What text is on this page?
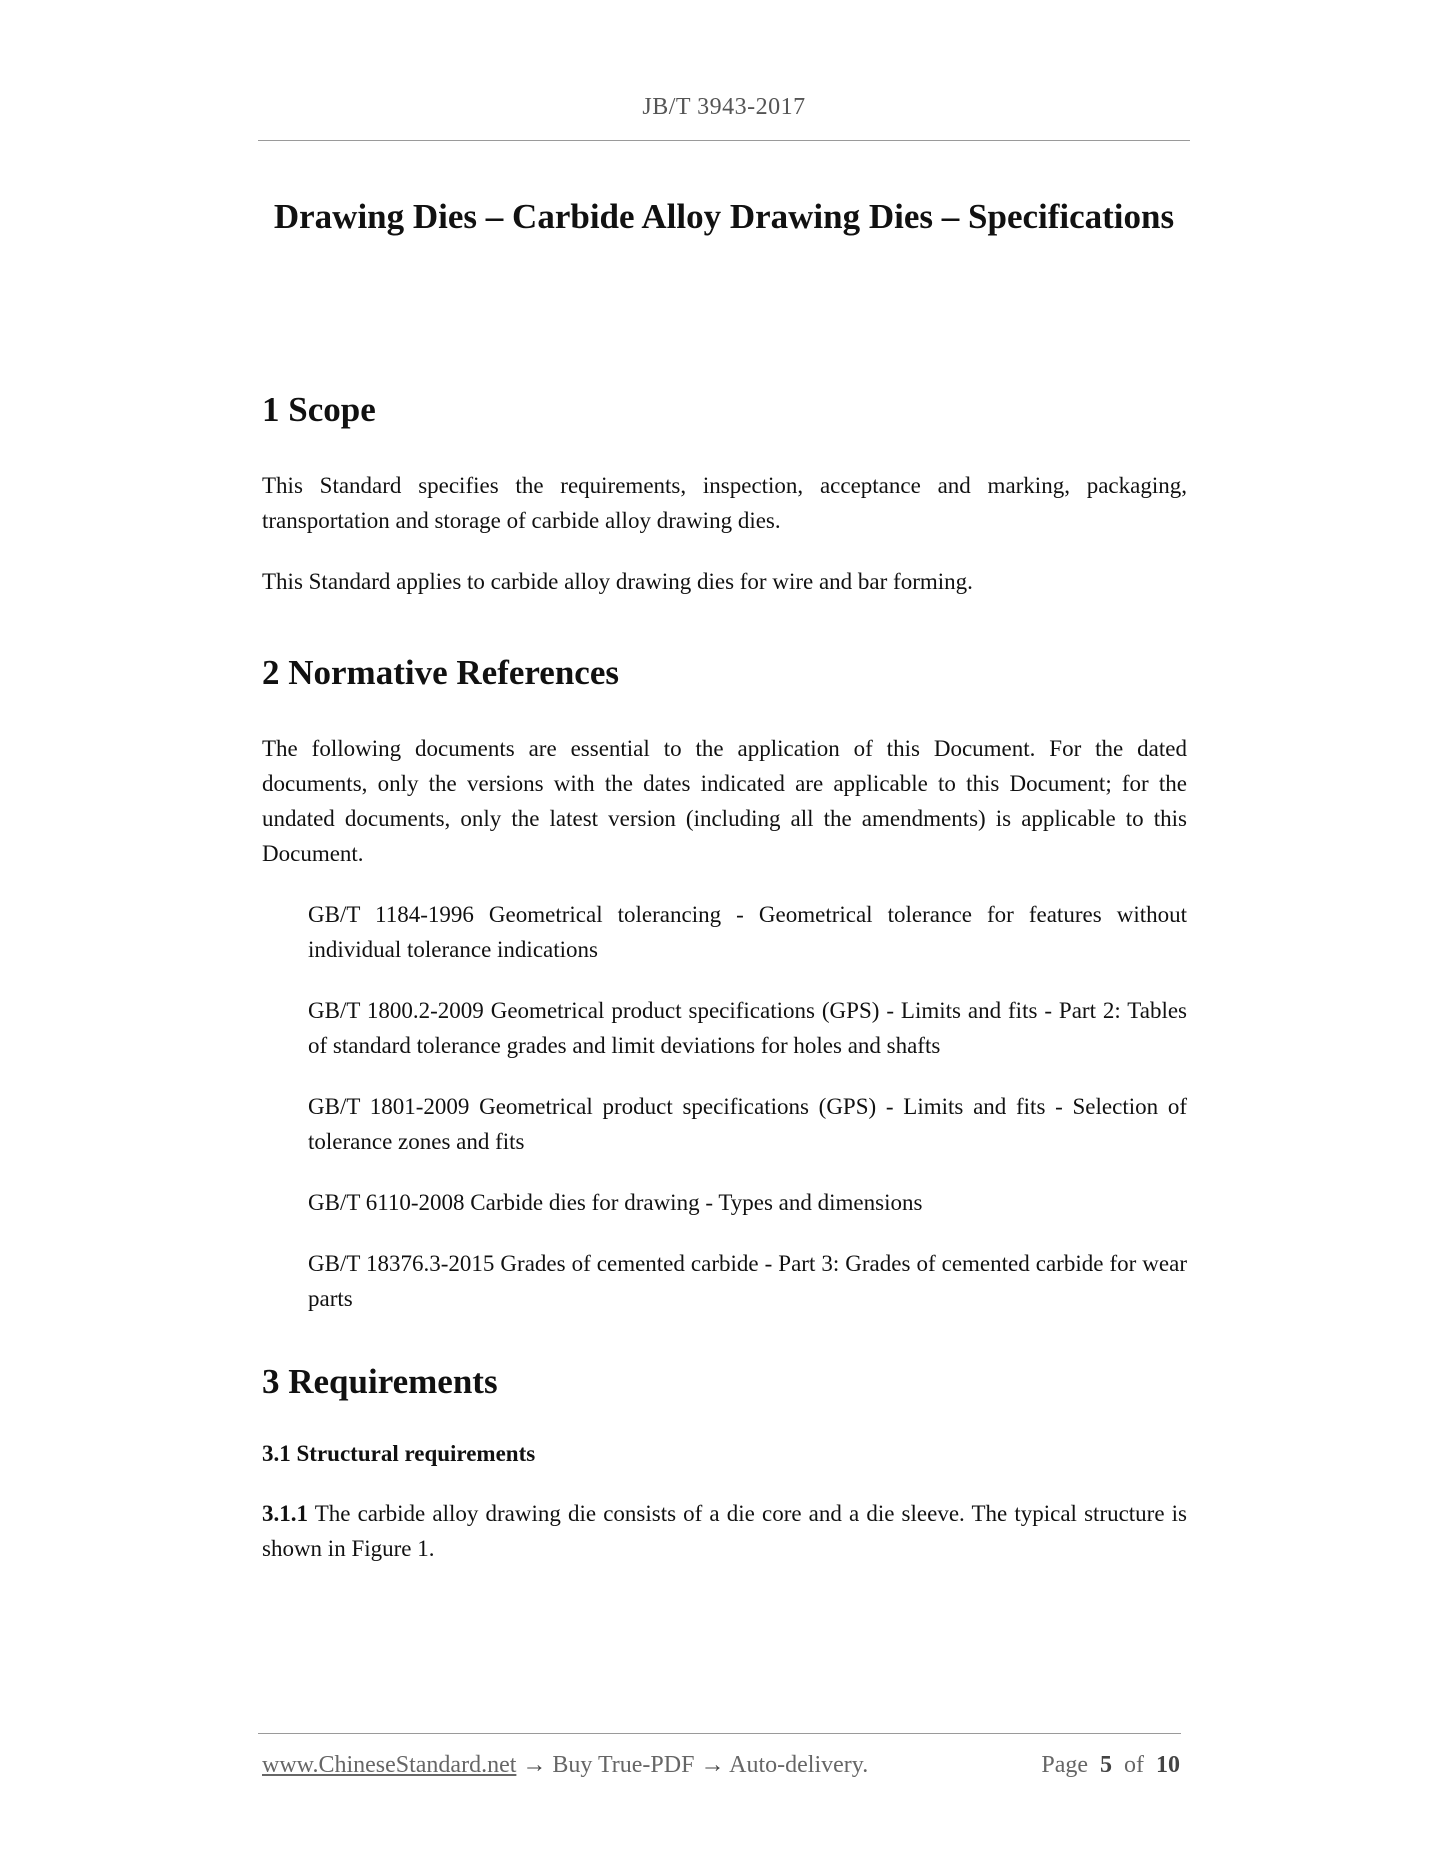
JB/T 3943-2017
Drawing Dies – Carbide Alloy Drawing Dies – Specifications
1 Scope

This Standard specifies the requirements, inspection, acceptance and marking, packaging, transportation and storage of carbide alloy drawing dies.

This Standard applies to carbide alloy drawing dies for wire and bar forming.

2 Normative References

The following documents are essential to the application of this Document. For the dated documents, only the versions with the dates indicated are applicable to this Document; for the undated documents, only the latest version (including all the amendments) is applicable to this Document.

GB/T 1184-1996 Geometrical tolerancing - Geometrical tolerance for features without individual tolerance indications
GB/T 1800.2-2009 Geometrical product specifications (GPS) - Limits and fits - Part 2: Tables of standard tolerance grades and limit deviations for holes and shafts
GB/T 1801-2009 Geometrical product specifications (GPS) - Limits and fits - Selection of tolerance zones and fits
GB/T 6110-2008 Carbide dies for drawing - Types and dimensions
GB/T 18376.3-2015 Grades of cemented carbide - Part 3: Grades of cemented carbide for wear parts
3 Requirements
3.1 Structural requirements

3.1.1 The carbide alloy drawing die consists of a die core and a die sleeve. The typical structure is shown in Figure 1.

www.ChineseStandard.net → Buy True-PDF → Auto-delivery.	Page 5 of 10
